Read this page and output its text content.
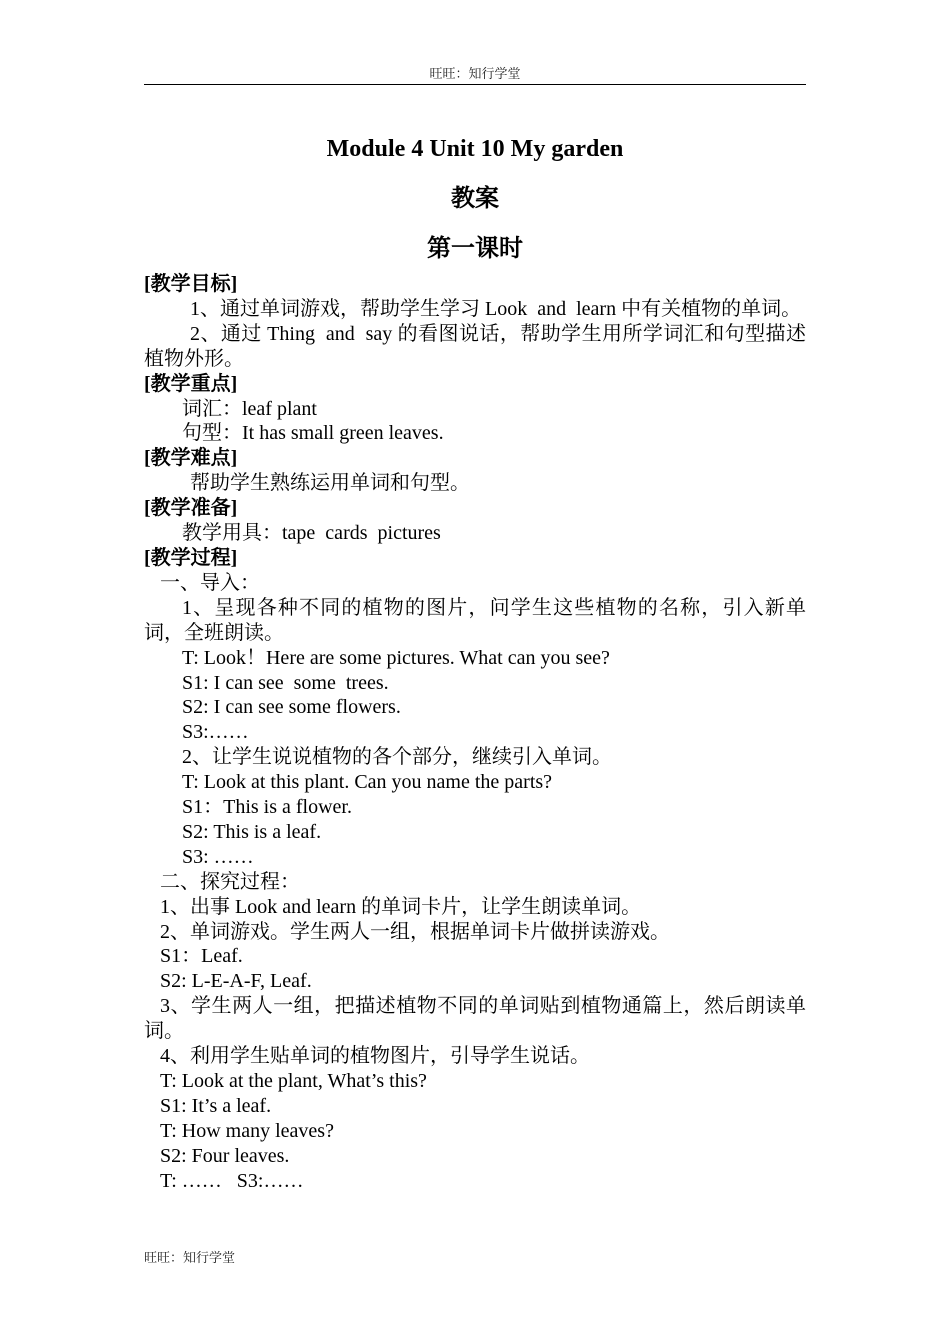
旺旺：知行学堂
Module 4 Unit 10 My garden
教案
第一课时

[教学目标]

1、通过单词游戏，帮助学生学习 Look  and  learn 中有关植物的单词。

2、通过 Thing  and  say 的看图说话，帮助学生用所学词汇和句型描述植物外形。

[教学重点]

词汇：leaf plant

句型：It has small green leaves.

[教学难点]

帮助学生熟练运用单词和句型。

[教学准备]

教学用具：tape  cards  pictures

[教学过程]

一、导入：

1、呈现各种不同的植物的图片，问学生这些植物的名称，引入新单词，全班朗读。

T: Look！Here are some pictures. What can you see?

S1: I can see  some  trees.

S2: I can see some flowers.

S3:……

2、让学生说说植物的各个部分，继续引入单词。

T: Look at this plant. Can you name the parts?

S1：This is a flower.

S2: This is a leaf.

S3: ……

二、探究过程：

1、出事 Look and learn 的单词卡片，让学生朗读单词。

2、单词游戏。学生两人一组，根据单词卡片做拼读游戏。

S1：Leaf.

S2: L-E-A-F, Leaf.

3、学生两人一组，把描述植物不同的单词贴到植物通篇上，然后朗读单词。

4、利用学生贴单词的植物图片，引导学生说话。

T: Look at the plant, What’s this?

S1: It’s a leaf.

T: How many leaves?

S2: Four leaves.

T: ……   S3:……

旺旺：知行学堂
